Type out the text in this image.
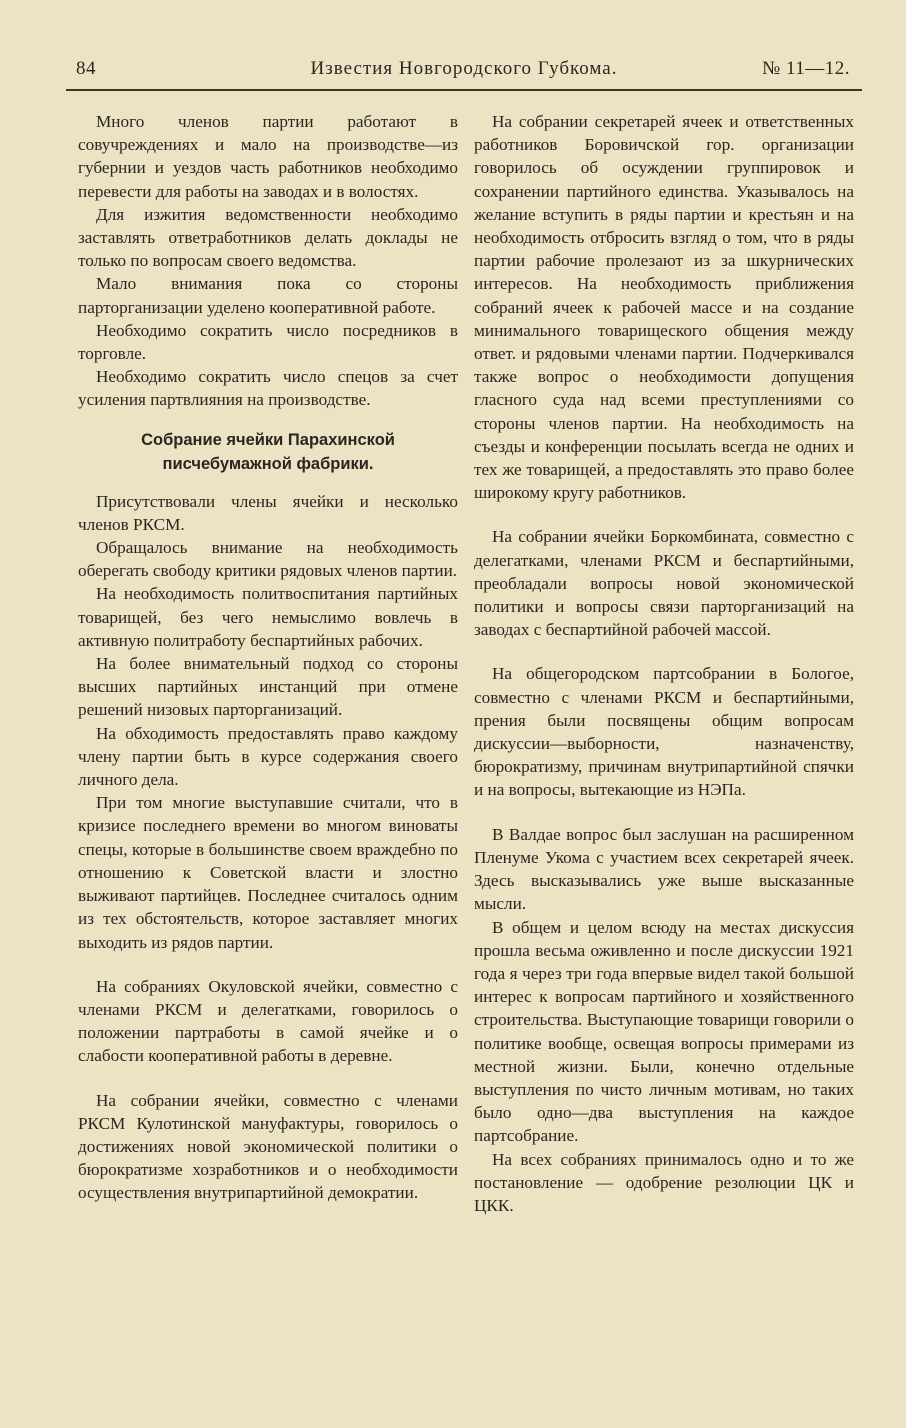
84	Известия Новгородского Губкома.	№ 11—12.

Много членов партии работают в совучреждениях и мало на производстве—из губернии и уездов часть работников необходимо перевести для работы на заводах и в волостях.

Для изжития ведомственности необходимо заставлять ответработников делать доклады не только по вопросам своего ведомства.

Мало внимания пока со стороны парторганизации уделено кооперативной работе.

Необходимо сократить число посредников в торговле.

Необходимо сократить число спецов за счет усиления партвлияния на производстве.

Собрание ячейки Парахинской писчебумажной фабрики.

Присутствовали члены ячейки и несколько членов РКСМ.

Обращалось внимание на необходимость оберегать свободу критики рядовых членов партии.

На необходимость политвоспитания партийных товарищей, без чего немыслимо вовлечь в активную политработу беспартийных рабочих.

На более внимательный подход со стороны высших партийных инстанций при отмене решений низовых парторганизаций.

На обходимость предоставлять право каждому члену партии быть в курсе содержания своего личного дела.

При том многие выступавшие считали, что в кризисе последнего времени во многом виноваты спецы, которые в большинстве своем враждебно по отношению к Советской власти и злостно выживают партийцев. Последнее считалось одним из тех обстоятельств, которое заставляет многих выходить из рядов партии.

На собраниях Окуловской ячейки, совместно с членами РКСМ и делегатками, говорилось о положении партработы в самой ячейке и о слабости кооперативной работы в деревне.

На собрании ячейки, совместно с членами РКСМ Кулотинской мануфактуры, говорилось о достижениях новой экономической политики о бюрократизме хозработников и о необходимости осуществления внутрипартийной демократии.

На собрании секретарей ячеек и ответственных работников Боровичской гор. организации говорилось об осуждении группировок и сохранении партийного единства. Указывалось на желание вступить в ряды партии и крестьян и на необходимость отбросить взгляд о том, что в ряды партии рабочие пролезают из за шкурнических интересов. На необходимость приближения собраний ячеек к рабочей массе и на создание минимального товарищеского общения между ответ. и рядовыми членами партии. Подчеркивался также вопрос о необходимости допущения гласного суда над всеми преступлениями со стороны членов партии. На необходимость на съезды и конференции посылать всегда не одних и тех же товарищей, а предоставлять это право более широкому кругу работников.

На собрании ячейки Боркомбината, совместно с делегатками, членами РКСМ и беспартийными, преобладали вопросы новой экономической политики и вопросы связи парторганизаций на заводах с беспартийной рабочей массой.

На общегородском партсобрании в Бологое, совместно с членами РКСМ и беспартийными, прения были посвящены общим вопросам дискуссии—выборности, назначенству, бюрократизму, причинам внутрипартийной спячки и на вопросы, вытекающие из НЭПа.

В Валдае вопрос был заслушан на расширенном Пленуме Укома с участием всех секретарей ячеек. Здесь высказывались уже выше высказанные мысли.

В общем и целом всюду на местах дискуссия прошла весьма оживленно и после дискуссии 1921 года я через три года впервые видел такой большой интерес к вопросам партийного и хозяйственного строительства. Выступающие товарищи говорили о политике вообще, освещая вопросы примерами из местной жизни. Были, конечно отдельные выступления по чисто личным мотивам, но таких было одно—два выступления на каждое партсобрание.

На всех собраниях принималось одно и то же постановление — одобрение резолюции ЦК и ЦКК.
